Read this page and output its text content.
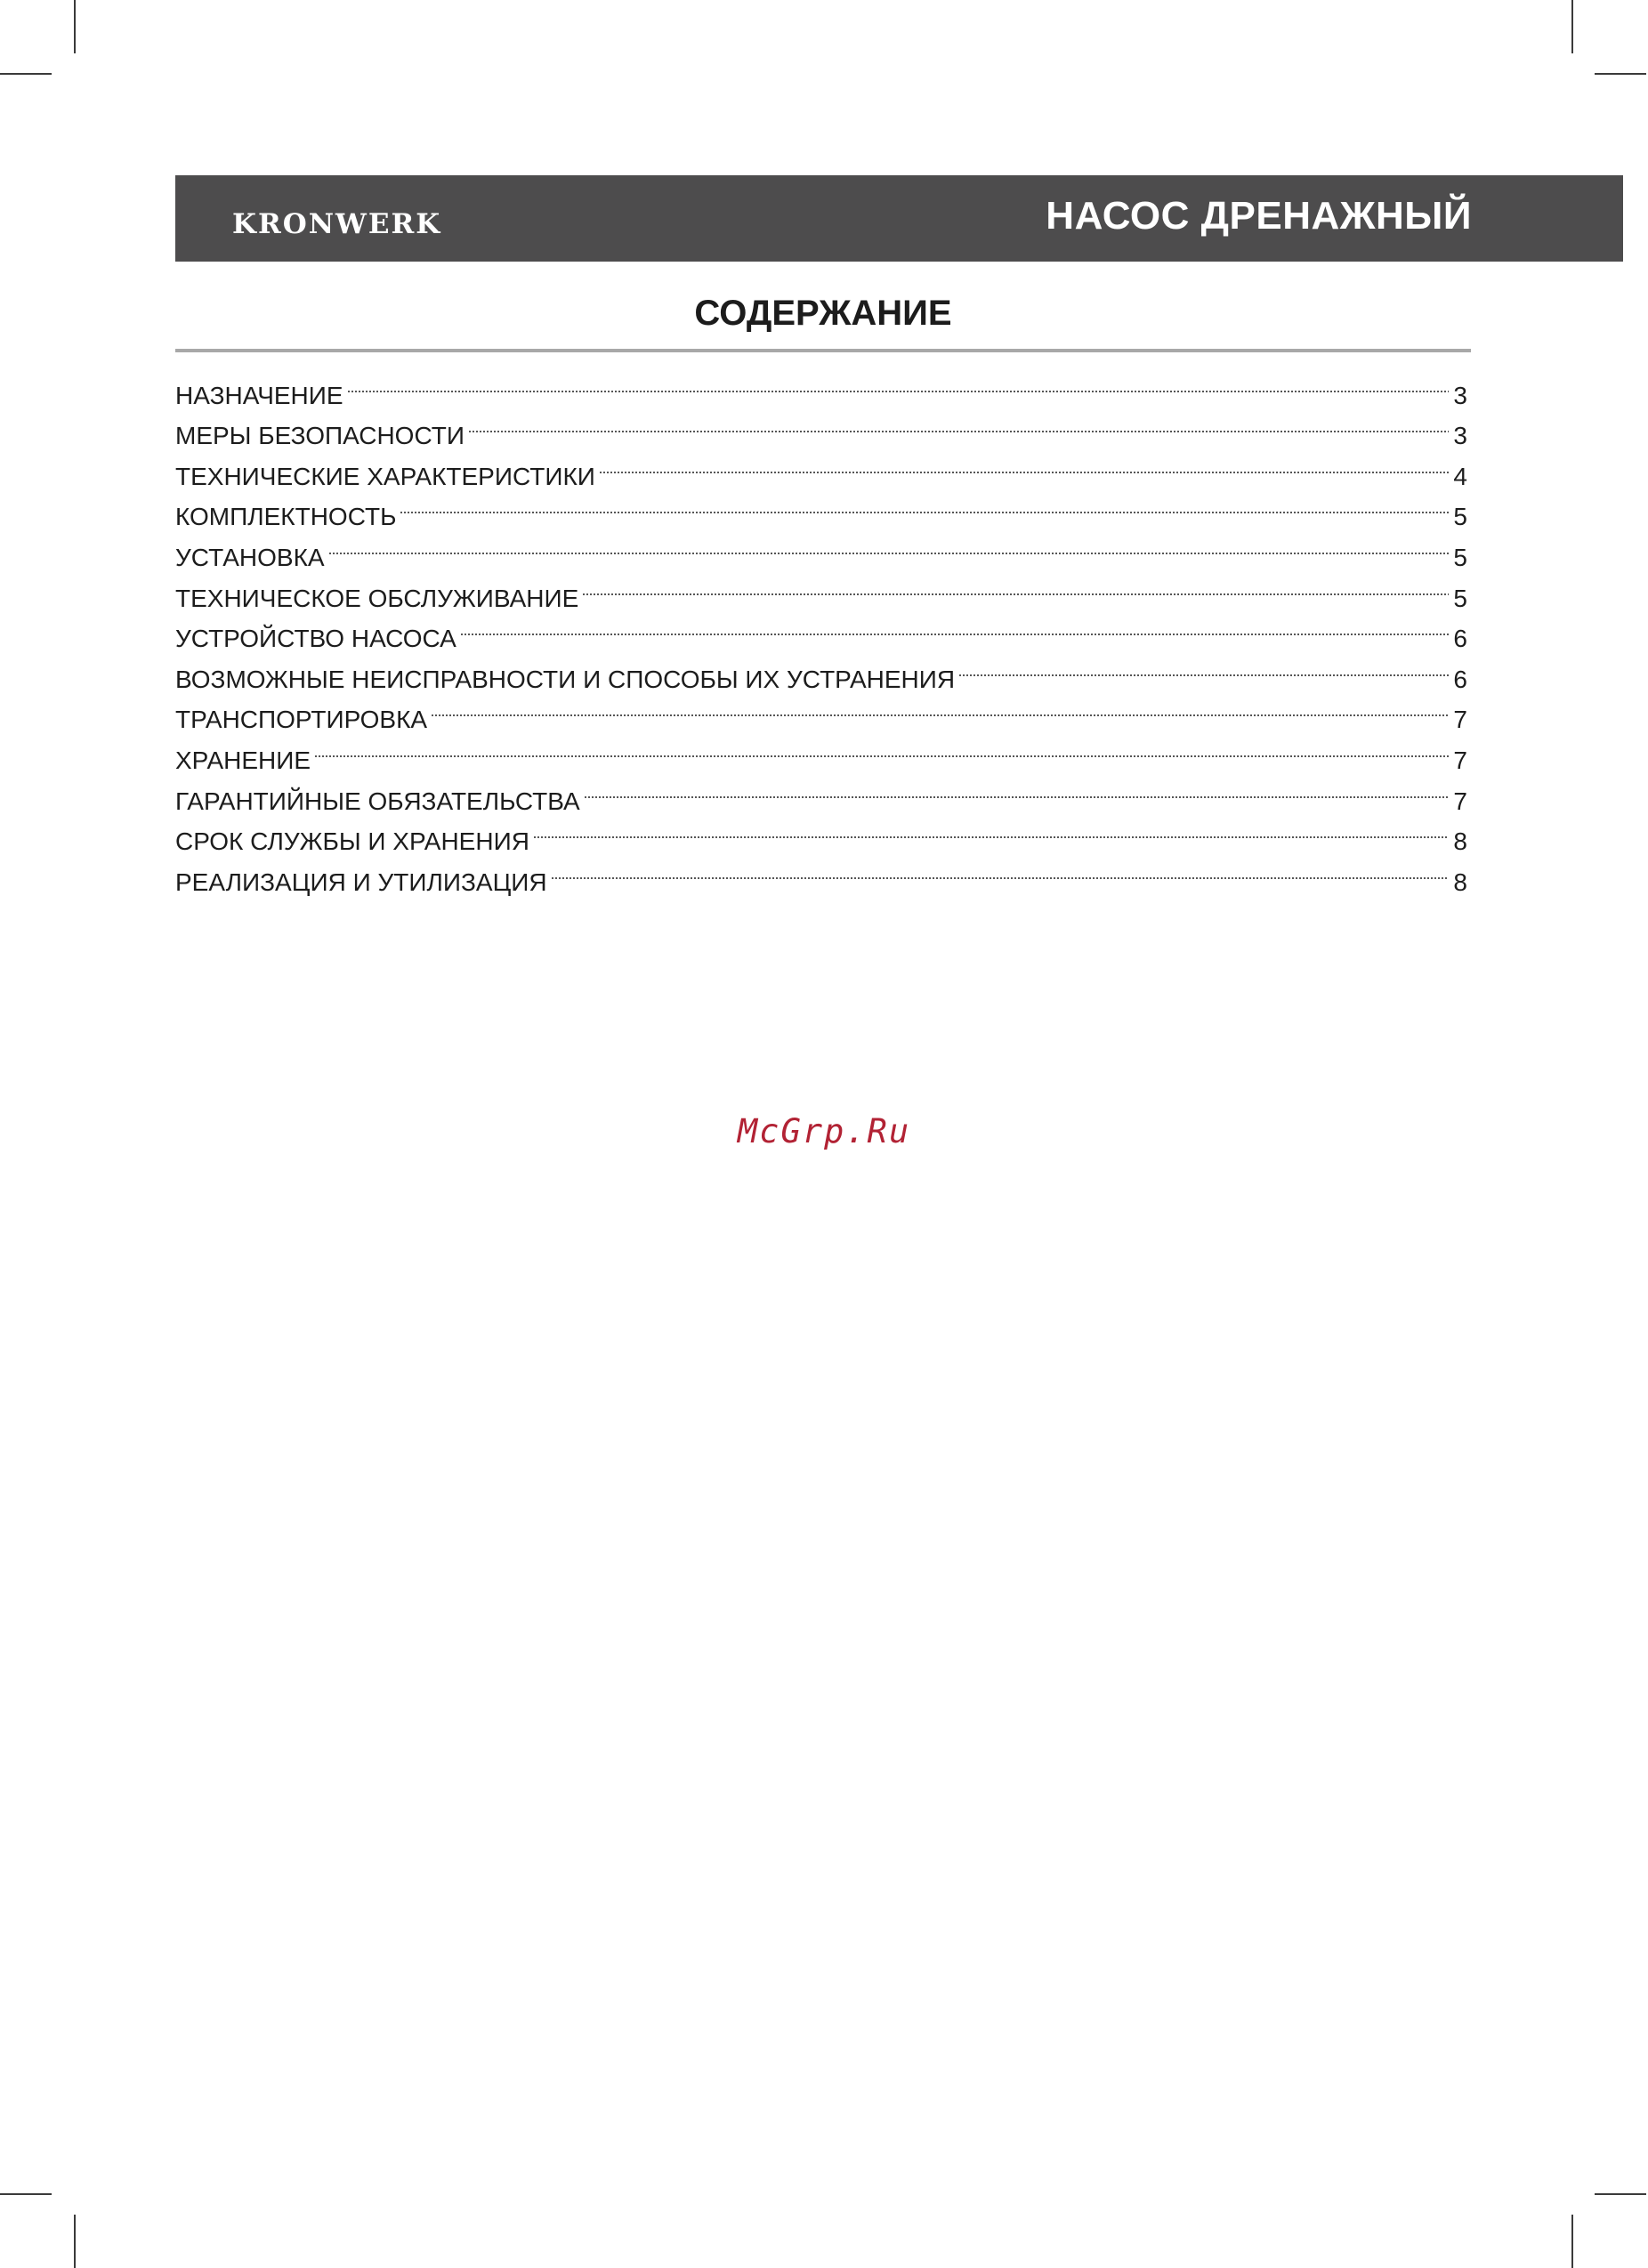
KRONWERK	НАСОС ДРЕНАЖНЫЙ
СОДЕРЖАНИЕ
НАЗНАЧЕНИЕ	3
МЕРЫ БЕЗОПАСНОСТИ	3
ТЕХНИЧЕСКИЕ ХАРАКТЕРИСТИКИ	4
КОМПЛЕКТНОСТЬ	5
УСТАНОВКА	5
ТЕХНИЧЕСКОЕ ОБСЛУЖИВАНИЕ	5
УСТРОЙСТВО НАСОСА	6
ВОЗМОЖНЫЕ НЕИСПРАВНОСТИ И СПОСОБЫ ИХ УСТРАНЕНИЯ	6
ТРАНСПОРТИРОВКА	7
ХРАНЕНИЕ	7
ГАРАНТИЙНЫЕ ОБЯЗАТЕЛЬСТВА	7
СРОК СЛУЖБЫ И ХРАНЕНИЯ	8
РЕАЛИЗАЦИЯ И УТИЛИЗАЦИЯ	8
McGrp.Ru
